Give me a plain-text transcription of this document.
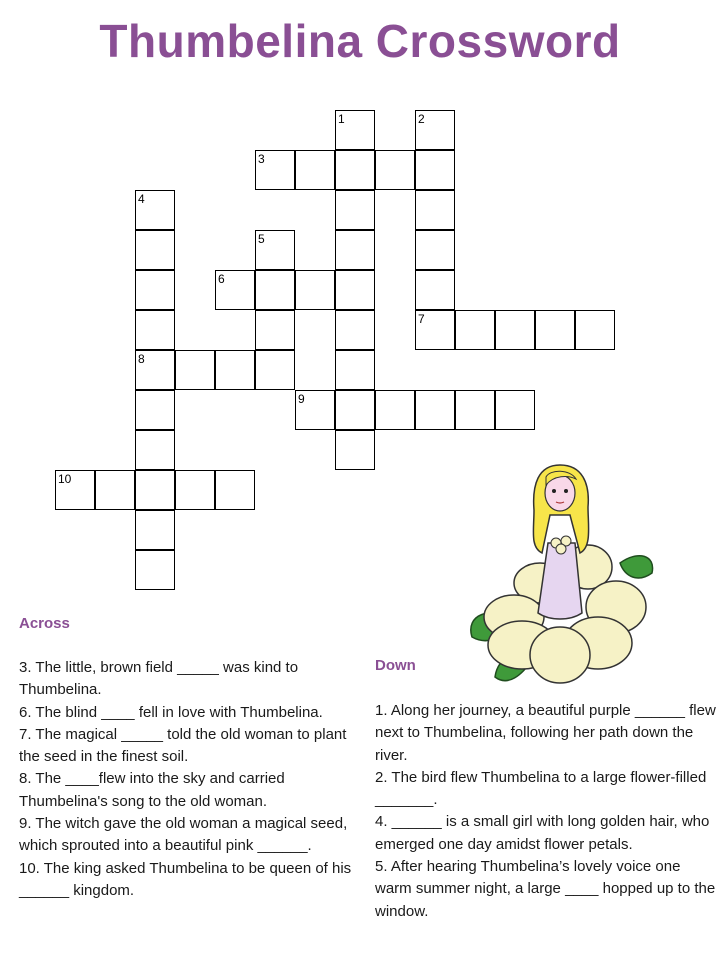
Thumbelina Crossword
1	2
7
3
4
8
5
6
9
10
Across

3. The little, brown field _____ was kind to Thumbelina.

6. The blind ____ fell in love with Thumbelina.

7. The magical _____ told the old woman to plant the seed in the finest soil.

8. The ____flew into the sky and carried Thumbelina's song to the old woman.

9. The witch gave the old woman a magical seed, which sprouted into a beautiful pink ______.

10. The king asked Thumbelina to be queen of his ______ kingdom.

Down

1. Along her journey, a beautiful purple ______ flew next to Thumbelina, following her path down the river.

2. The bird flew Thumbelina to a large flower-filled _______.

4. ______ is a small girl with long golden hair, who emerged one day amidst flower petals.

5. After hearing Thumbelina’s lovely voice one warm summer night, a large ____ hopped up to the window.
